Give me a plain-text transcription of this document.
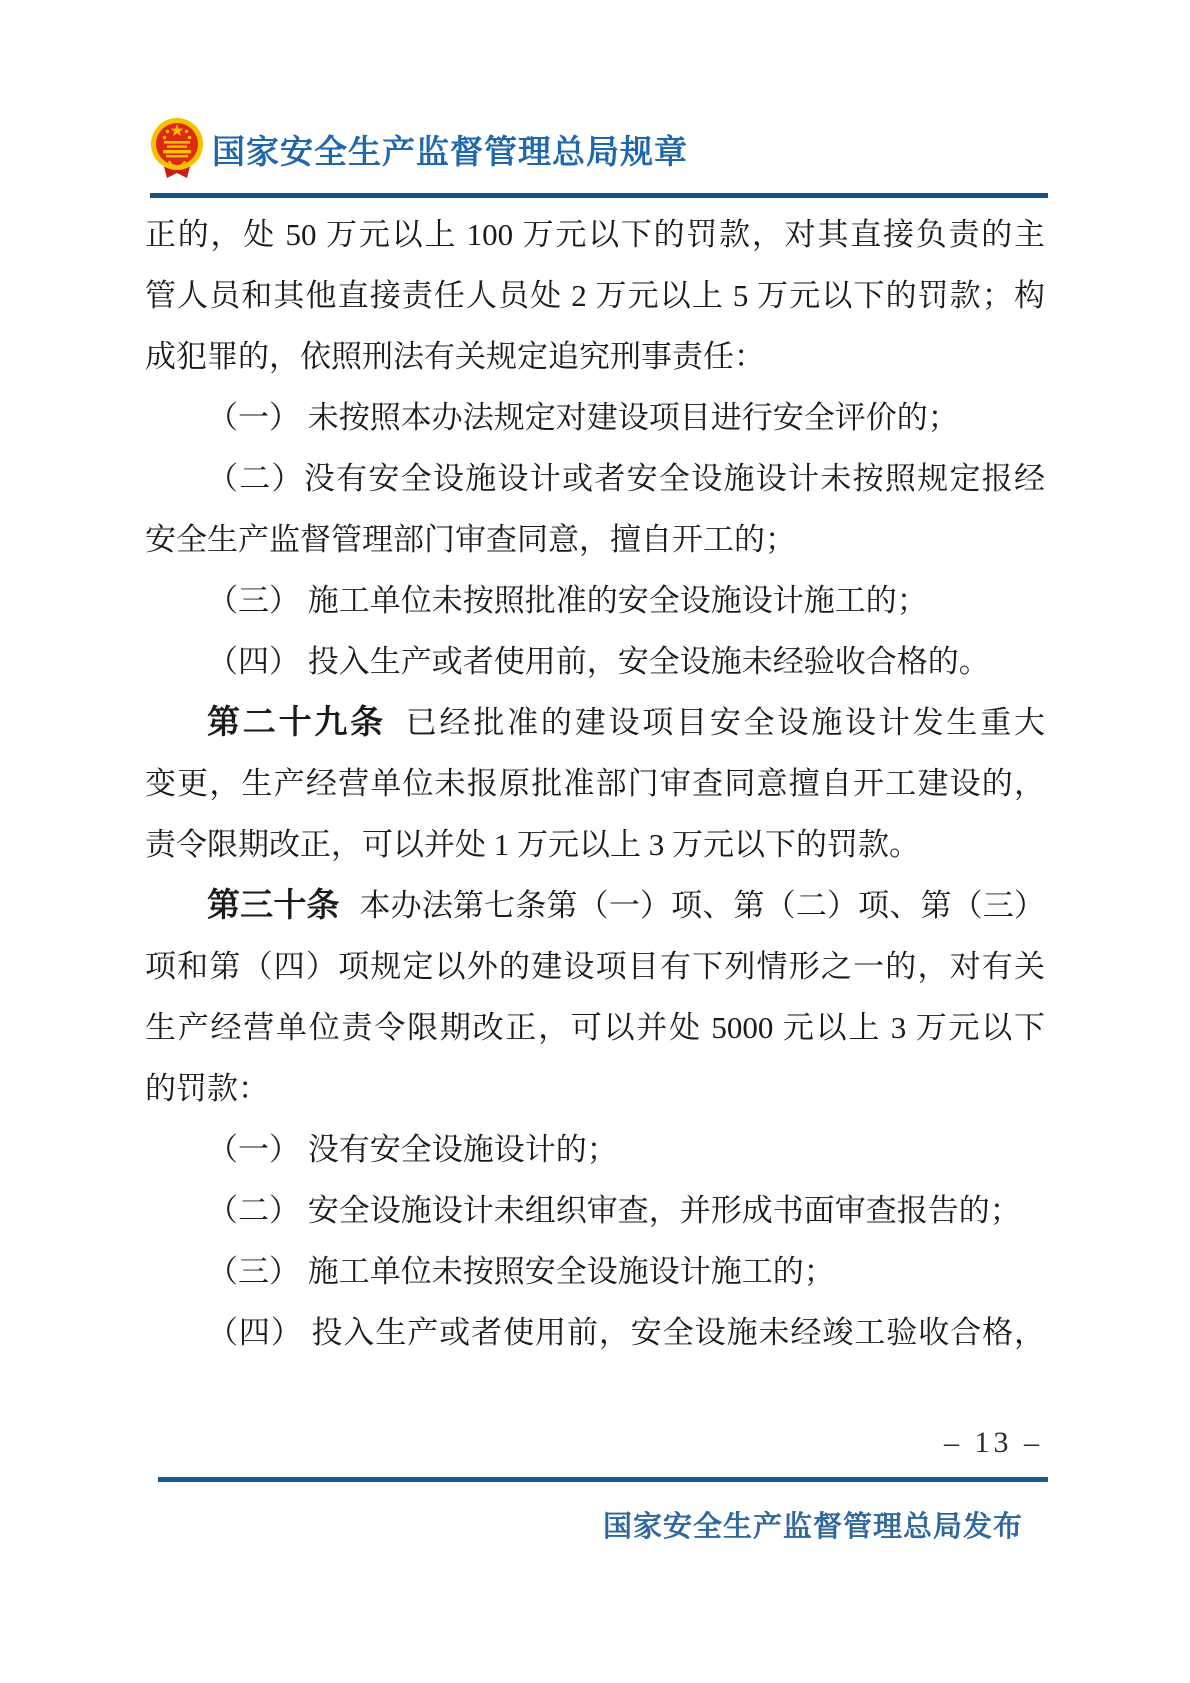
国家安全生产监督管理总局规章
正的，处 50 万元以上 100 万元以下的罚款，对其直接负责的主
管人员和其他直接责任人员处 2 万元以上 5 万元以下的罚款；构
成犯罪的，依照刑法有关规定追究刑事责任：
（一） 未按照本办法规定对建设项目进行安全评价的；
（二）没有安全设施设计或者安全设施设计未按照规定报经
安全生产监督管理部门审查同意，擅自开工的；
（三） 施工单位未按照批准的安全设施设计施工的；
（四） 投入生产或者使用前，安全设施未经验收合格的。
第二十九条 已经批准的建设项目安全设施设计发生重大
变更，生产经营单位未报原批准部门审查同意擅自开工建设的，
责令限期改正，可以并处 1 万元以上 3 万元以下的罚款。
第三十条 本办法第七条第（一）项、第（二）项、第（三）
项和第（四）项规定以外的建设项目有下列情形之一的，对有关
生产经营单位责令限期改正，可以并处 5000 元以上 3 万元以下
的罚款：
（一） 没有安全设施设计的；
（二） 安全设施设计未组织审查，并形成书面审查报告的；
（三） 施工单位未按照安全设施设计施工的；
（四） 投入生产或者使用前，安全设施未经竣工验收合格，
– 13 –
国家安全生产监督管理总局发布
